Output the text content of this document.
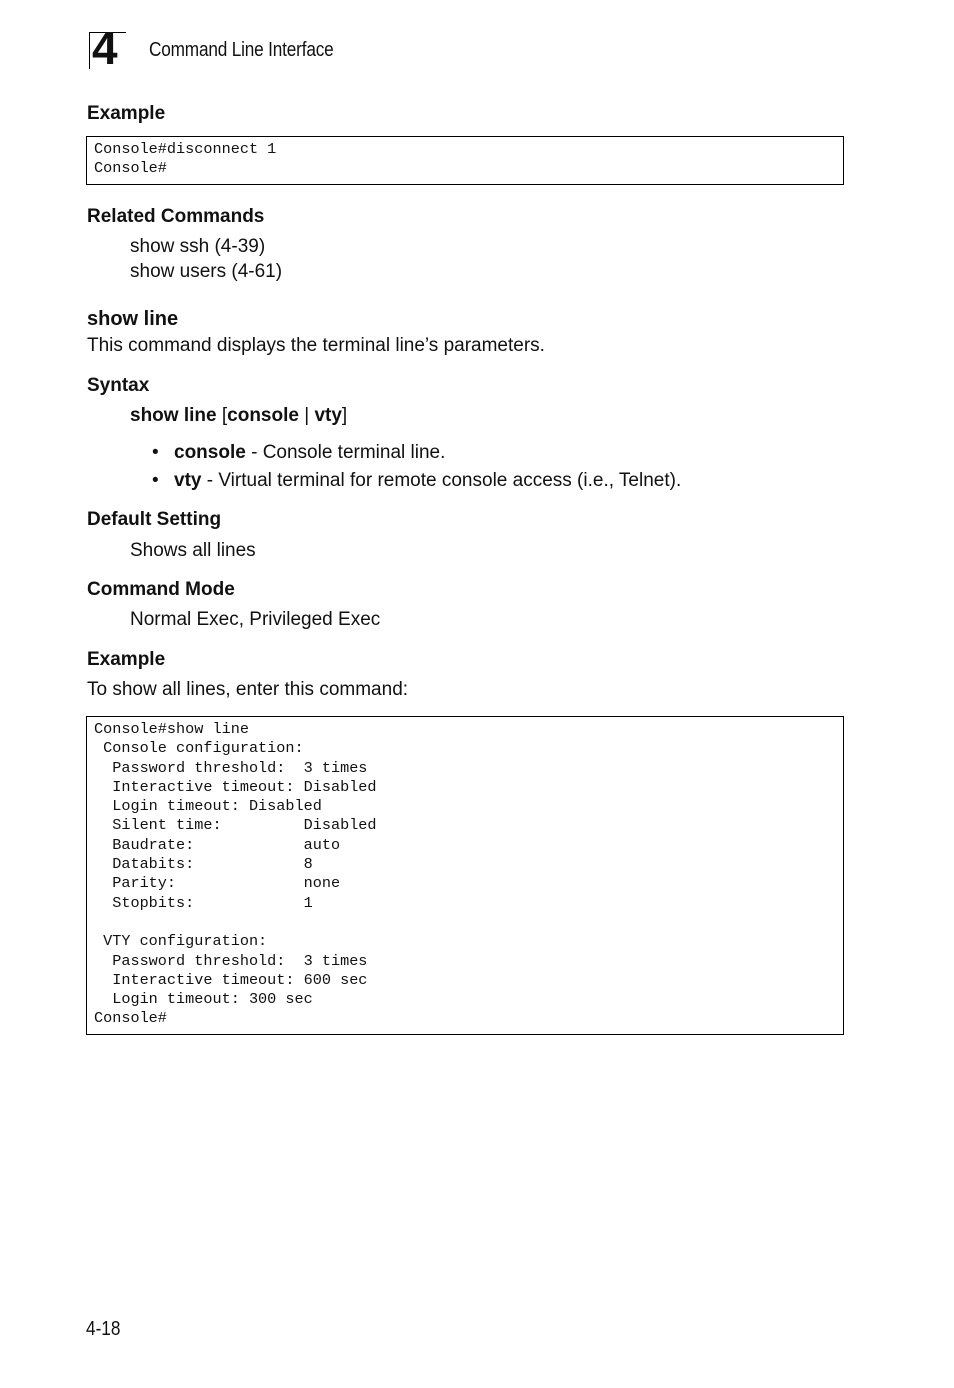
4 Command Line Interface
Example
Console#disconnect 1
Console#
Related Commands
show ssh (4-39)
show users (4-61)
show line
This command displays the terminal line’s parameters.
Syntax
show line [console | vty]
• console - Console terminal line.
• vty - Virtual terminal for remote console access (i.e., Telnet).
Default Setting
Shows all lines
Command Mode
Normal Exec, Privileged Exec
Example
To show all lines, enter this command:
Console#show line
Console configuration:
Password threshold:  3 times
Interactive timeout: Disabled
Login timeout: Disabled
Silent time:         Disabled
Baudrate:            auto
Databits:            8
Parity:              none
Stopbits:            1
VTY configuration:
Password threshold:  3 times
Interactive timeout: 600 sec
Login timeout: 300 sec
Console#
4-18
